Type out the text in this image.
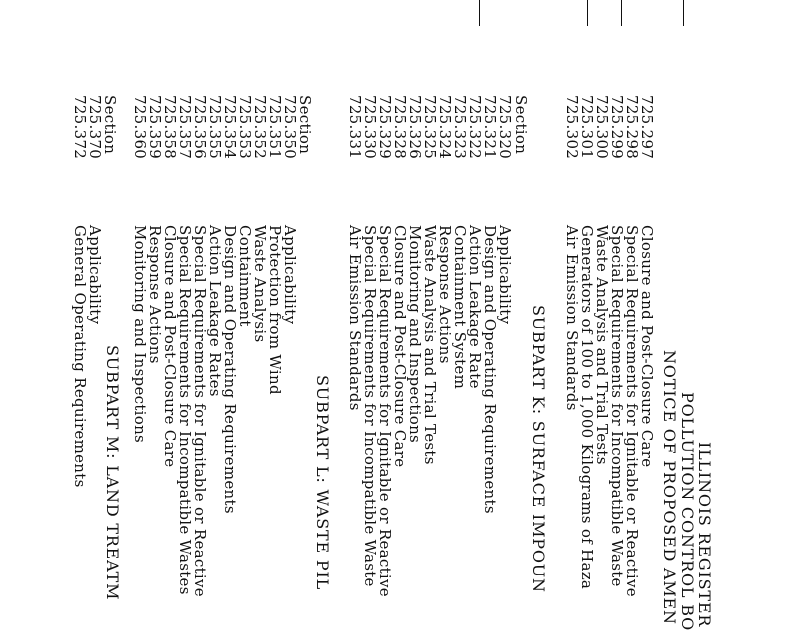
ILLINOIS REGISTER
POLLUTION CONTROL BO
NOTICE OF PROPOSED AMEN
725.297
Closure and Post-Closure Care
725.298
Special Requirements for Ignitable or Reactive
725.299
Special Requirements for Incompatible Waste
725.300
Waste Analysis and Trial Tests
725.301
Generators of 100 to 1,000 Kilograms of Haza
725.302
Air Emission Standards
SUBPART K: SURFACE IMPOUN
Section
725.320
Applicability
725.321
Design and Operating Requirements
725.322
Action Leakage Rate
725.323
Containment System
725.324
Response Actions
725.325
Waste Analysis and Trial Tests
725.326
Monitoring and Inspections
725.328
Closure and Post-Closure Care
725.329
Special Requirements for Ignitable or Reactive
725.330
Special Requirements for Incompatible Waste
725.331
Air Emission Standards
SUBPART L: WASTE PIL
Section
725.350
Applicability
725.351
Protection from Wind
725.352
Waste Analysis
725.353
Containment
725.354
Design and Operating Requirements
725.355
Action Leakage Rates
725.356
Special Requirements for Ignitable or Reactive
725.357
Special Requirements for Incompatible Wastes
725.358
Closure and Post-Closure Care
725.359
Response Actions
725.360
Monitoring and Inspections
SUBPART M: LAND TREATM
Section
725.370
Applicability
725.372
General Operating Requirements
